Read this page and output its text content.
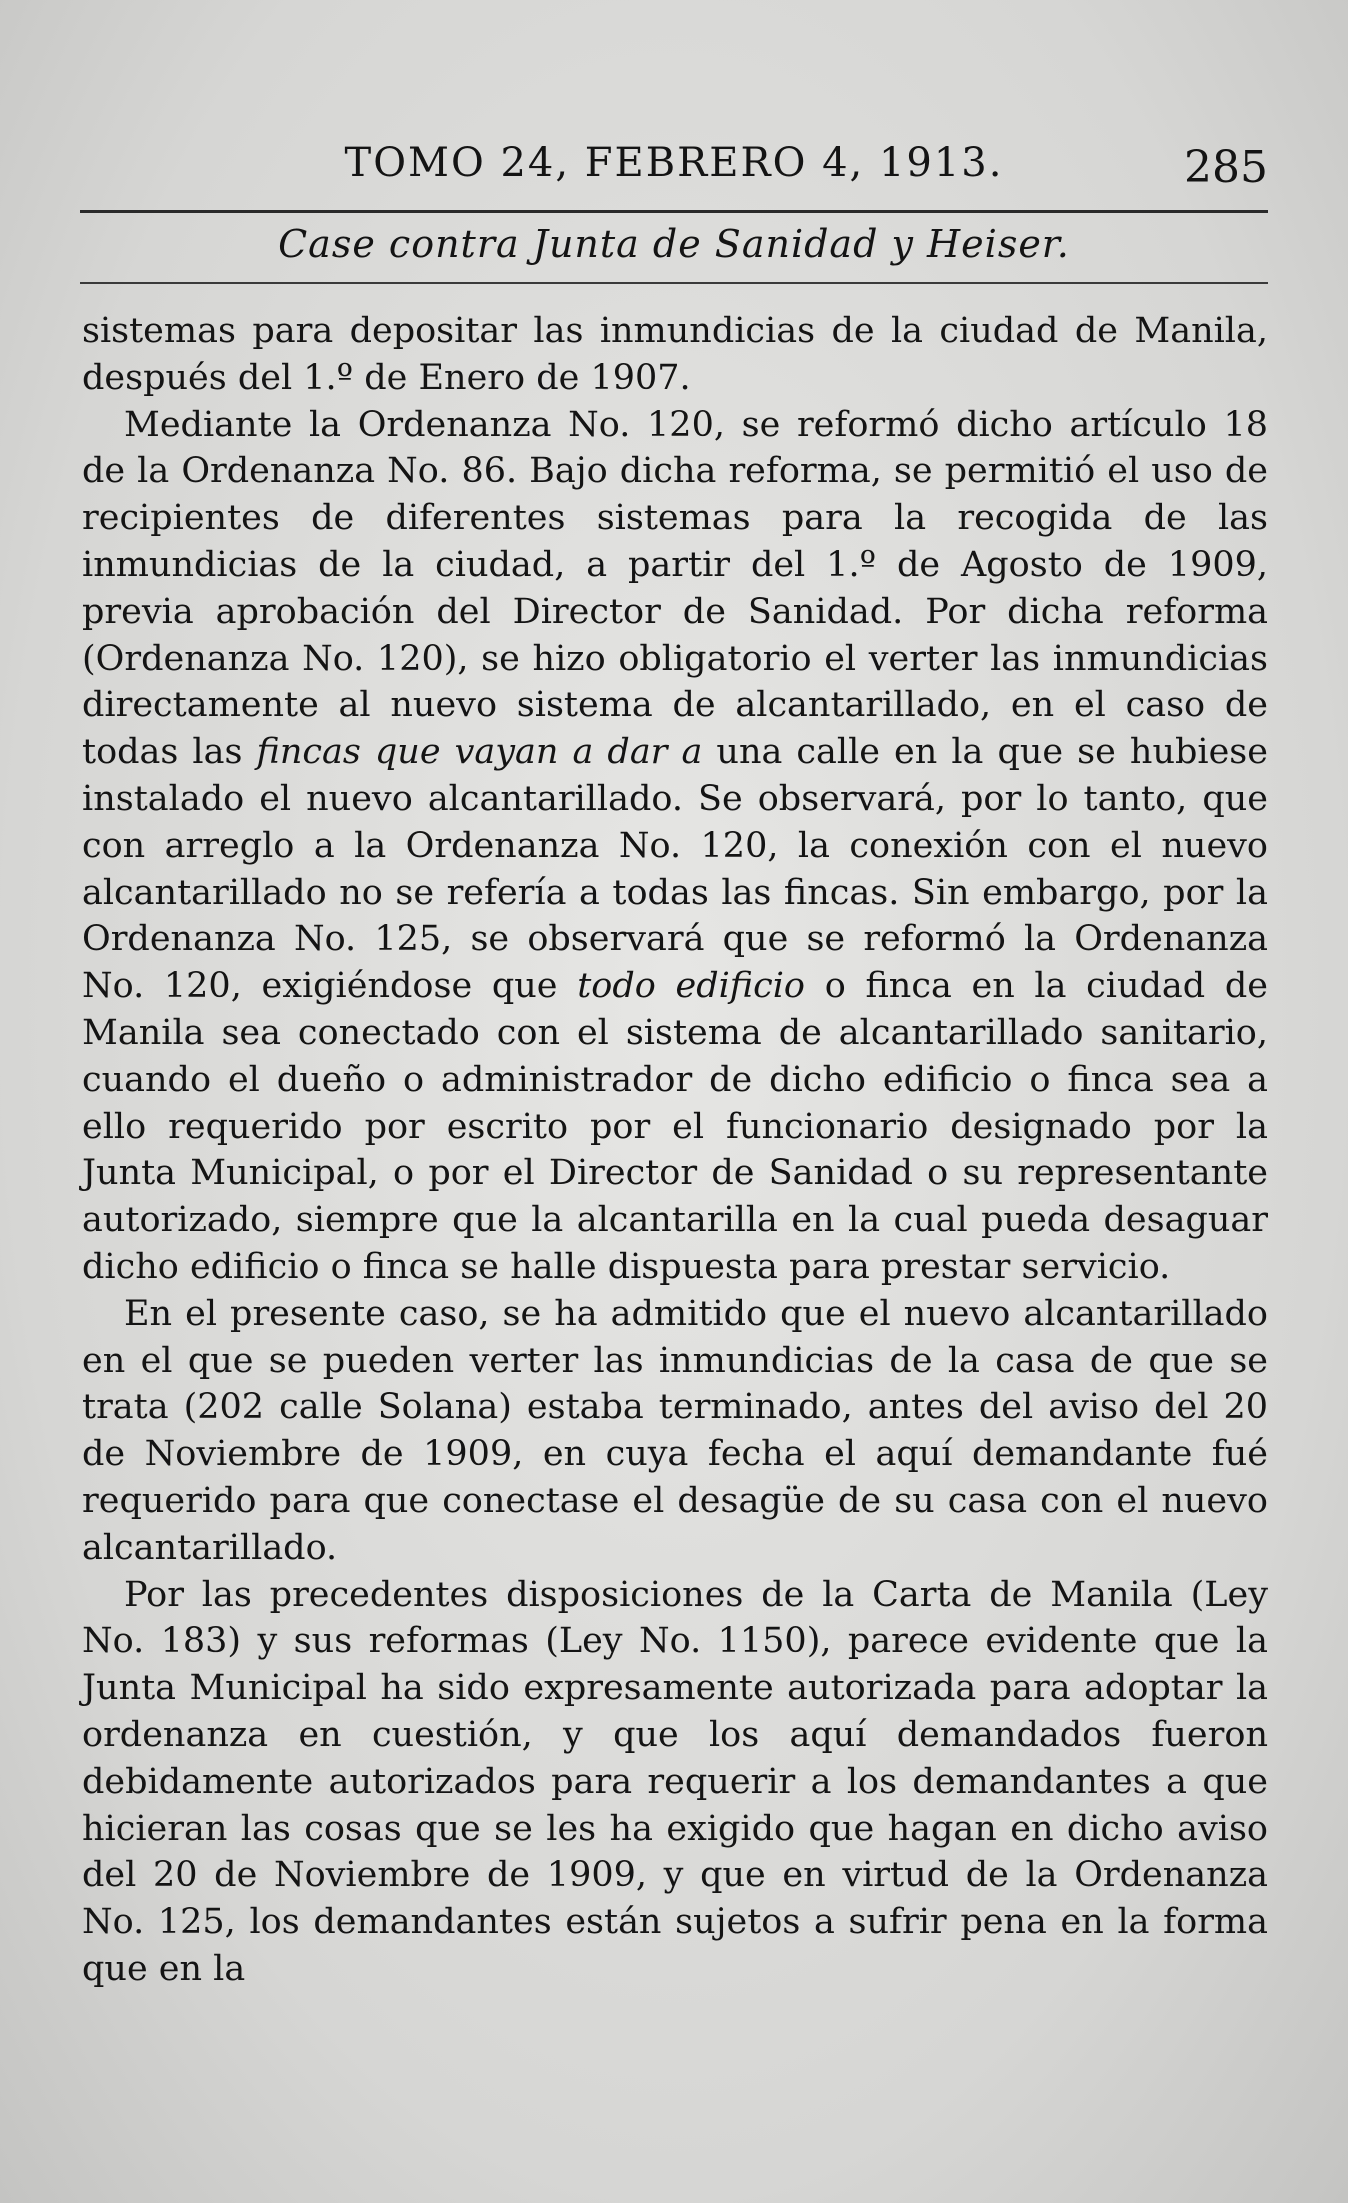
TOMO 24, FEBRERO 4, 1913.	285
Case contra Junta de Sanidad y Heiser.

sistemas para depositar las inmundicias de la ciudad de Manila, después del 1.º de Enero de 1907.

Mediante la Ordenanza No. 120, se reformó dicho artículo 18 de la Ordenanza No. 86. Bajo dicha reforma, se permitió el uso de recipientes de diferentes sistemas para la recogida de las inmundicias de la ciudad, a partir del 1.º de Agosto de 1909, previa aprobación del Director de Sanidad. Por dicha reforma (Ordenanza No. 120), se hizo obligatorio el verter las inmundicias directamente al nuevo sistema de alcantarillado, en el caso de todas las fincas que vayan a dar a una calle en la que se hubiese instalado el nuevo alcantarillado. Se observará, por lo tanto, que con arreglo a la Ordenanza No. 120, la conexión con el nuevo alcantarillado no se refería a todas las fincas. Sin embargo, por la Ordenanza No. 125, se observará que se reformó la Ordenanza No. 120, exigiéndose que todo edificio o finca en la ciudad de Manila sea conectado con el sistema de alcantarillado sanitario, cuando el dueño o administrador de dicho edificio o finca sea a ello requerido por escrito por el funcionario designado por la Junta Municipal, o por el Director de Sanidad o su representante autorizado, siempre que la alcantarilla en la cual pueda desaguar dicho edificio o finca se halle dispuesta para prestar servicio.

En el presente caso, se ha admitido que el nuevo alcantarillado en el que se pueden verter las inmundicias de la casa de que se trata (202 calle Solana) estaba terminado, antes del aviso del 20 de Noviembre de 1909, en cuya fecha el aquí demandante fué requerido para que conectase el desagüe de su casa con el nuevo alcantarillado.

Por las precedentes disposiciones de la Carta de Manila (Ley No. 183) y sus reformas (Ley No. 1150), parece evidente que la Junta Municipal ha sido expresamente autorizada para adoptar la ordenanza en cuestión, y que los aquí demandados fueron debidamente autorizados para requerir a los demandantes a que hicieran las cosas que se les ha exigido que hagan en dicho aviso del 20 de Noviembre de 1909, y que en virtud de la Ordenanza No. 125, los demandantes están sujetos a sufrir pena en la forma que en la
